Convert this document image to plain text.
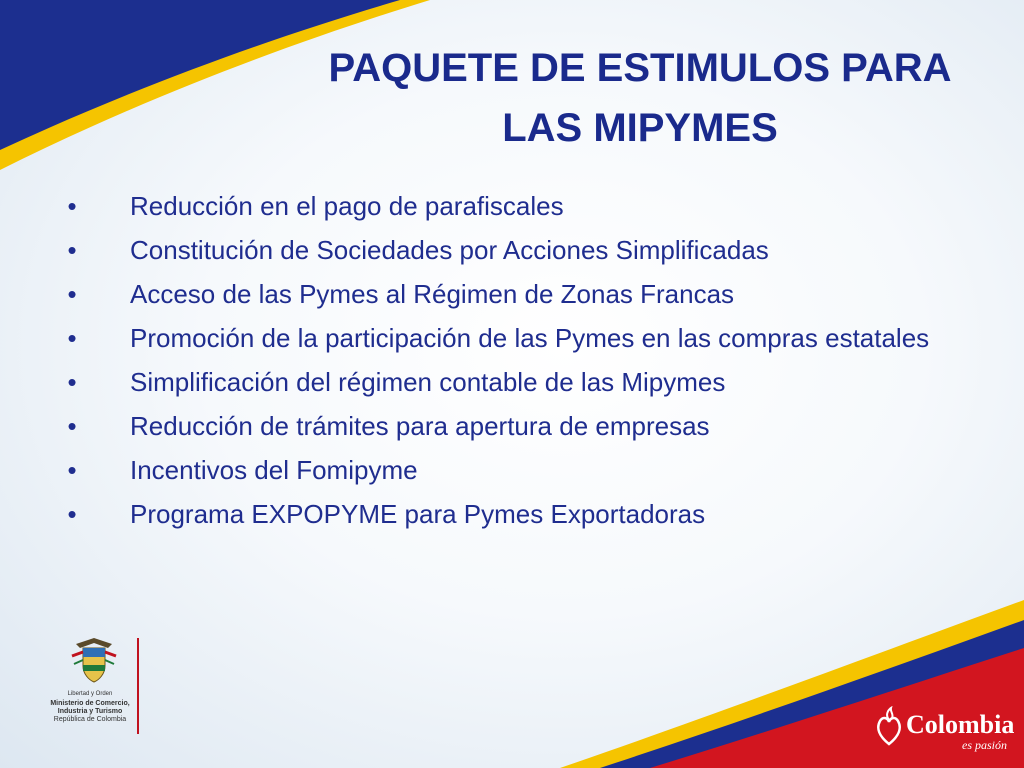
PAQUETE DE ESTIMULOS PARA
LAS MIPYMES
• Reducción en el pago de parafiscales
• Constitución de Sociedades por Acciones Simplificadas
• Acceso de las Pymes al Régimen de Zonas Francas
• Promoción de la participación de las Pymes en las compras estatales
• Simplificación del régimen contable de las Mipymes
• Reducción de trámites para apertura de empresas
• Incentivos del Fomipyme
• Programa EXPOPYME para Pymes Exportadoras
Libertad y Orden
Ministerio de Comercio,
Industria y Turismo
República de Colombia	Colombia
es pasión
